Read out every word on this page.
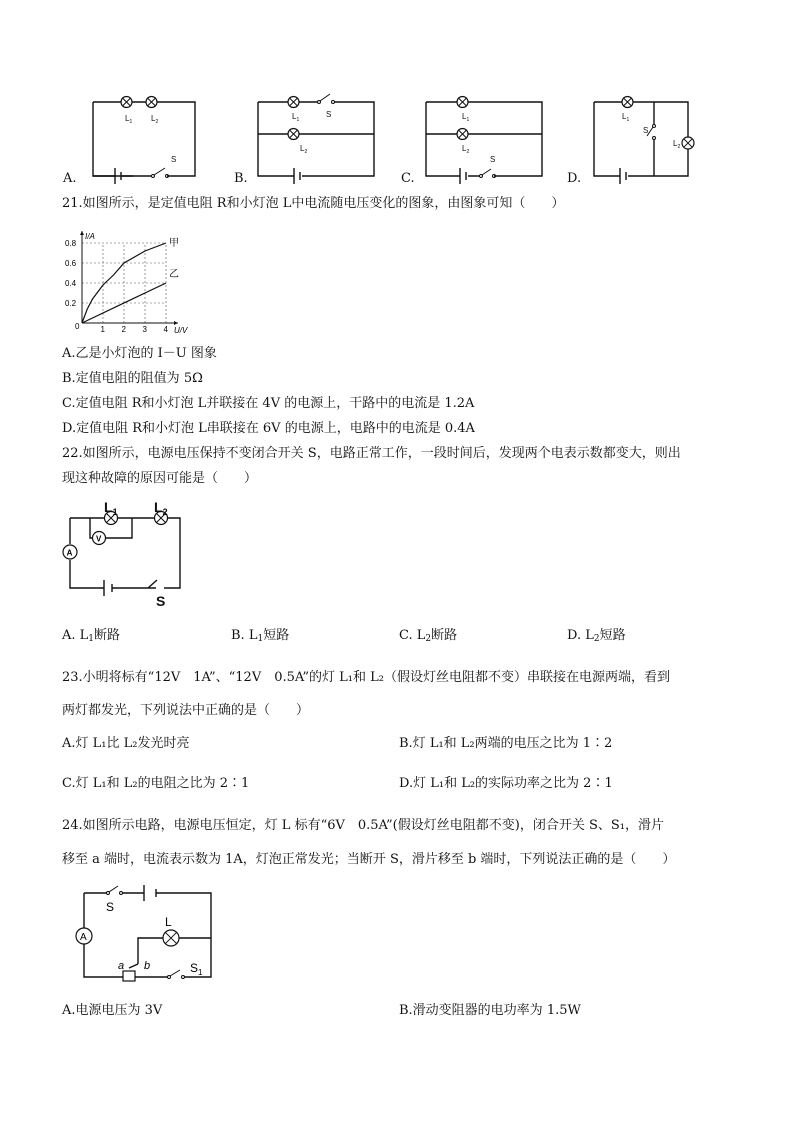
$L_1$ $L_2$
S
A.
$L_1$
$L_2$
S
B.
$L_1$
$L_2$
S
C.
$L_1$
S
$L_2$
D.
21.如图所示，是定值电阻 R和小灯泡 L中电流随电压变化的图象，由图象可知（　　）
1 2 3 4
0.8
0.6
0.4
0.2
0	U/V
I/A
甲
乙
A.乙是小灯泡的 I－U 图象
B.定值电阻的阻值为 5Ω
C.定值电阻 R和小灯泡 L并联接在 4V 的电源上，干路中的电流是 1.2A
D.定值电阻 R和小灯泡 L串联接在 6V 的电源上，电路中的电流是 0.4A
22.如图所示，电源电压保持不变闭合开关 S，电路正常工作，一段时间后，发现两个电表示数都变大，则出
现这种故障的原因可能是（　　）
V
A
$L_1$	$L_2$
S
A. $L_1$断路	B. $L_1$短路	C. $L_2$断路	D. $L_2$短路
23.小明将标有“12V　1A”、“12V　0.5A”的灯 L₁和 L₂（假设灯丝电阻都不变）串联接在电源两端，看到
两灯都发光，下列说法中正确的是（　　）
A.灯 L₁比 L₂发光时亮	B.灯 L₁和 L₂两端的电压之比为 1∶2
C.灯 L₁和 L₂的电阻之比为 2∶1	D.灯 L₁和 L₂的实际功率之比为 2∶1
24.如图所示电路，电源电压恒定，灯 L 标有“6V　0.5A”(假设灯丝电阻都不变)，闭合开关 S、S₁，滑片
移至 a 端时，电流表示数为 1A，灯泡正常发光；当断开 S，滑片移至 b 端时，下列说法正确的是（　　）
A
S
L
a b	$S_1$
A.电源电压为 3V	B.滑动变阻器的电功率为 1.5W
